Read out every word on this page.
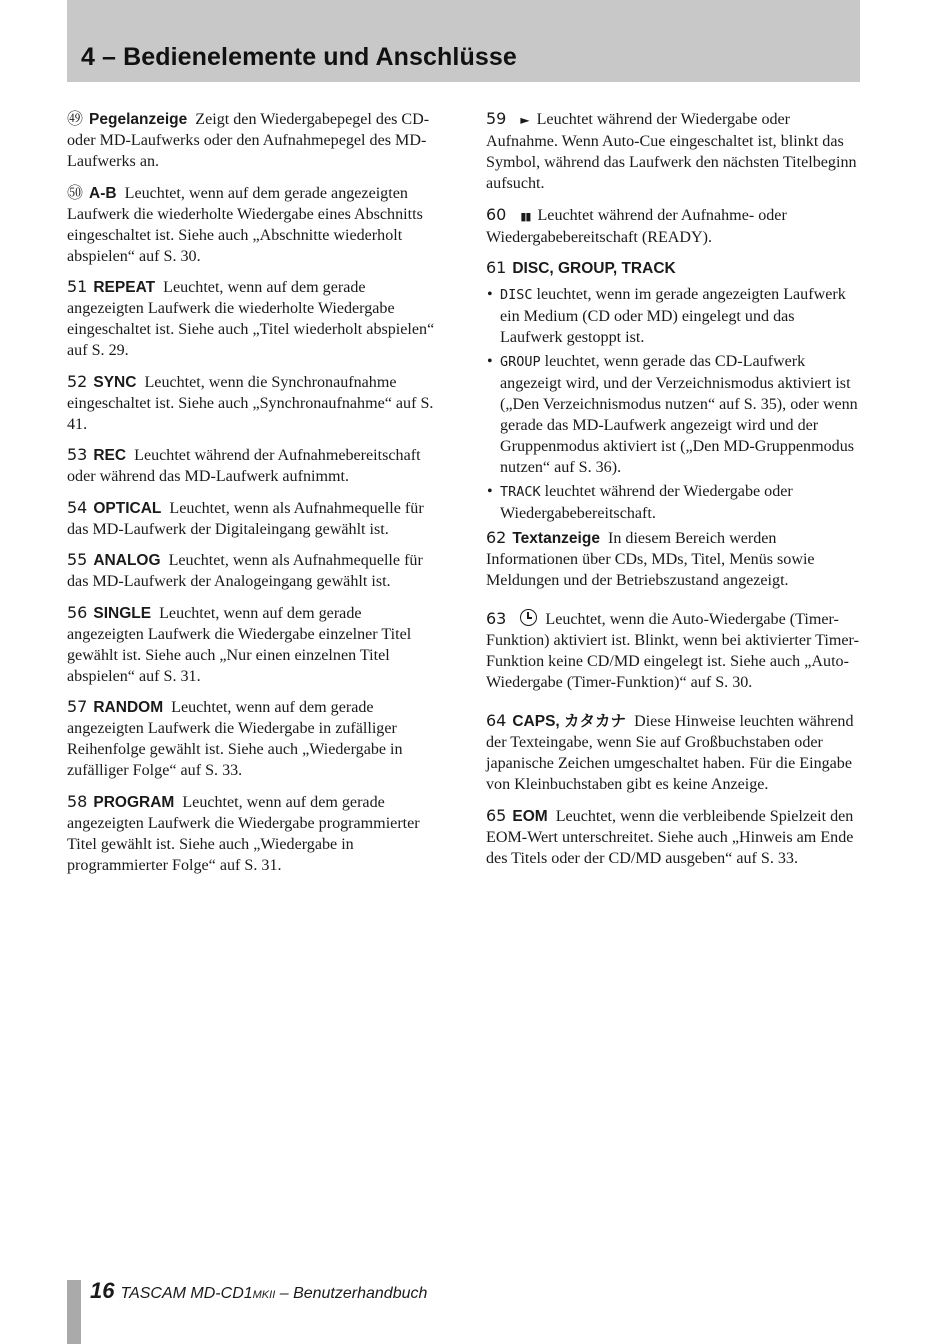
4 – Bedienelemente und Anschlüsse

㊾ Pegelanzeige Zeigt den Wiedergabepegel des CD- oder MD-Laufwerks oder den Aufnahmepegel des MD-Laufwerks an.

㊿ A-B Leuchtet, wenn auf dem gerade angezeigten Laufwerk die wiederholte Wiedergabe eines Abschnitts eingeschaltet ist. Siehe auch „Abschnitte wiederholt abspielen“ auf S. 30.

51 REPEAT Leuchtet, wenn auf dem gerade angezeigten Laufwerk die wiederholte Wiedergabe eingeschaltet ist. Siehe auch „Titel wiederholt abspielen“ auf S. 29.

52 SYNC Leuchtet, wenn die Synchronaufnahme eingeschaltet ist. Siehe auch „Synchronaufnahme“ auf S. 41.

53 REC Leuchtet während der Aufnahmebereitschaft oder während das MD-Laufwerk aufnimmt.

54 OPTICAL Leuchtet, wenn als Aufnahmequelle für das MD-Laufwerk der Digitaleingang gewählt ist.

55 ANALOG Leuchtet, wenn als Aufnahmequelle für das MD-Laufwerk der Analogeingang gewählt ist.

56 SINGLE Leuchtet, wenn auf dem gerade angezeigten Laufwerk die Wiedergabe einzelner Titel gewählt ist. Siehe auch „Nur einen einzelnen Titel abspielen“ auf S. 31.

57 RANDOM Leuchtet, wenn auf dem gerade angezeigten Laufwerk die Wiedergabe in zufälliger Reihenfolge gewählt ist. Siehe auch „Wiedergabe in zufälliger Folge“ auf S. 33.

58 PROGRAM Leuchtet, wenn auf dem gerade angezeigten Laufwerk die Wiedergabe programmierter Titel gewählt ist. Siehe auch „Wiedergabe in programmierter Folge“ auf S. 31.

59 ► Leuchtet während der Wiedergabe oder Aufnahme. Wenn Auto-Cue eingeschaltet ist, blinkt das Symbol, während das Laufwerk den nächsten Titelbeginn aufsucht.

60 ▮▮ Leuchtet während der Aufnahme- oder Wiedergabebereitschaft (READY).

61 DISC, GROUP, TRACK

• DISC leuchtet, wenn im gerade angezeigten Laufwerk ein Medium (CD oder MD) eingelegt und das Laufwerk gestoppt ist.
• GROUP leuchtet, wenn gerade das CD-Laufwerk angezeigt wird, und der Verzeichnismodus aktiviert ist („Den Verzeichnismodus nutzen“ auf S. 35), oder wenn gerade das MD-Laufwerk angezeigt wird und der Gruppenmodus aktiviert ist („Den MD-Gruppenmodus nutzen“ auf S. 36).
• TRACK leuchtet während der Wiedergabe oder Wiedergabebereitschaft.

62 Textanzeige In diesem Bereich werden Informationen über CDs, MDs, Titel, Menüs sowie Meldungen und der Betriebszustand angezeigt.

63 Leuchtet, wenn die Auto-Wiedergabe (Timer-Funktion) aktiviert ist. Blinkt, wenn bei aktivierter Timer-Funktion keine CD/MD eingelegt ist. Siehe auch „Auto-Wiedergabe (Timer-Funktion)“ auf S. 30.

64 CAPS, カタカナ Diese Hinweise leuchten während der Texteingabe, wenn Sie auf Großbuchstaben oder japanische Zeichen umgeschaltet haben. Für die Eingabe von Kleinbuchstaben gibt es keine Anzeige.

65 EOM Leuchtet, wenn die verbleibende Spielzeit den EOM-Wert unterschreitet. Siehe auch „Hinweis am Ende des Titels oder der CD/MD ausgeben“ auf S. 33.

16 TASCAM MD-CD1MKII – Benutzerhandbuch
